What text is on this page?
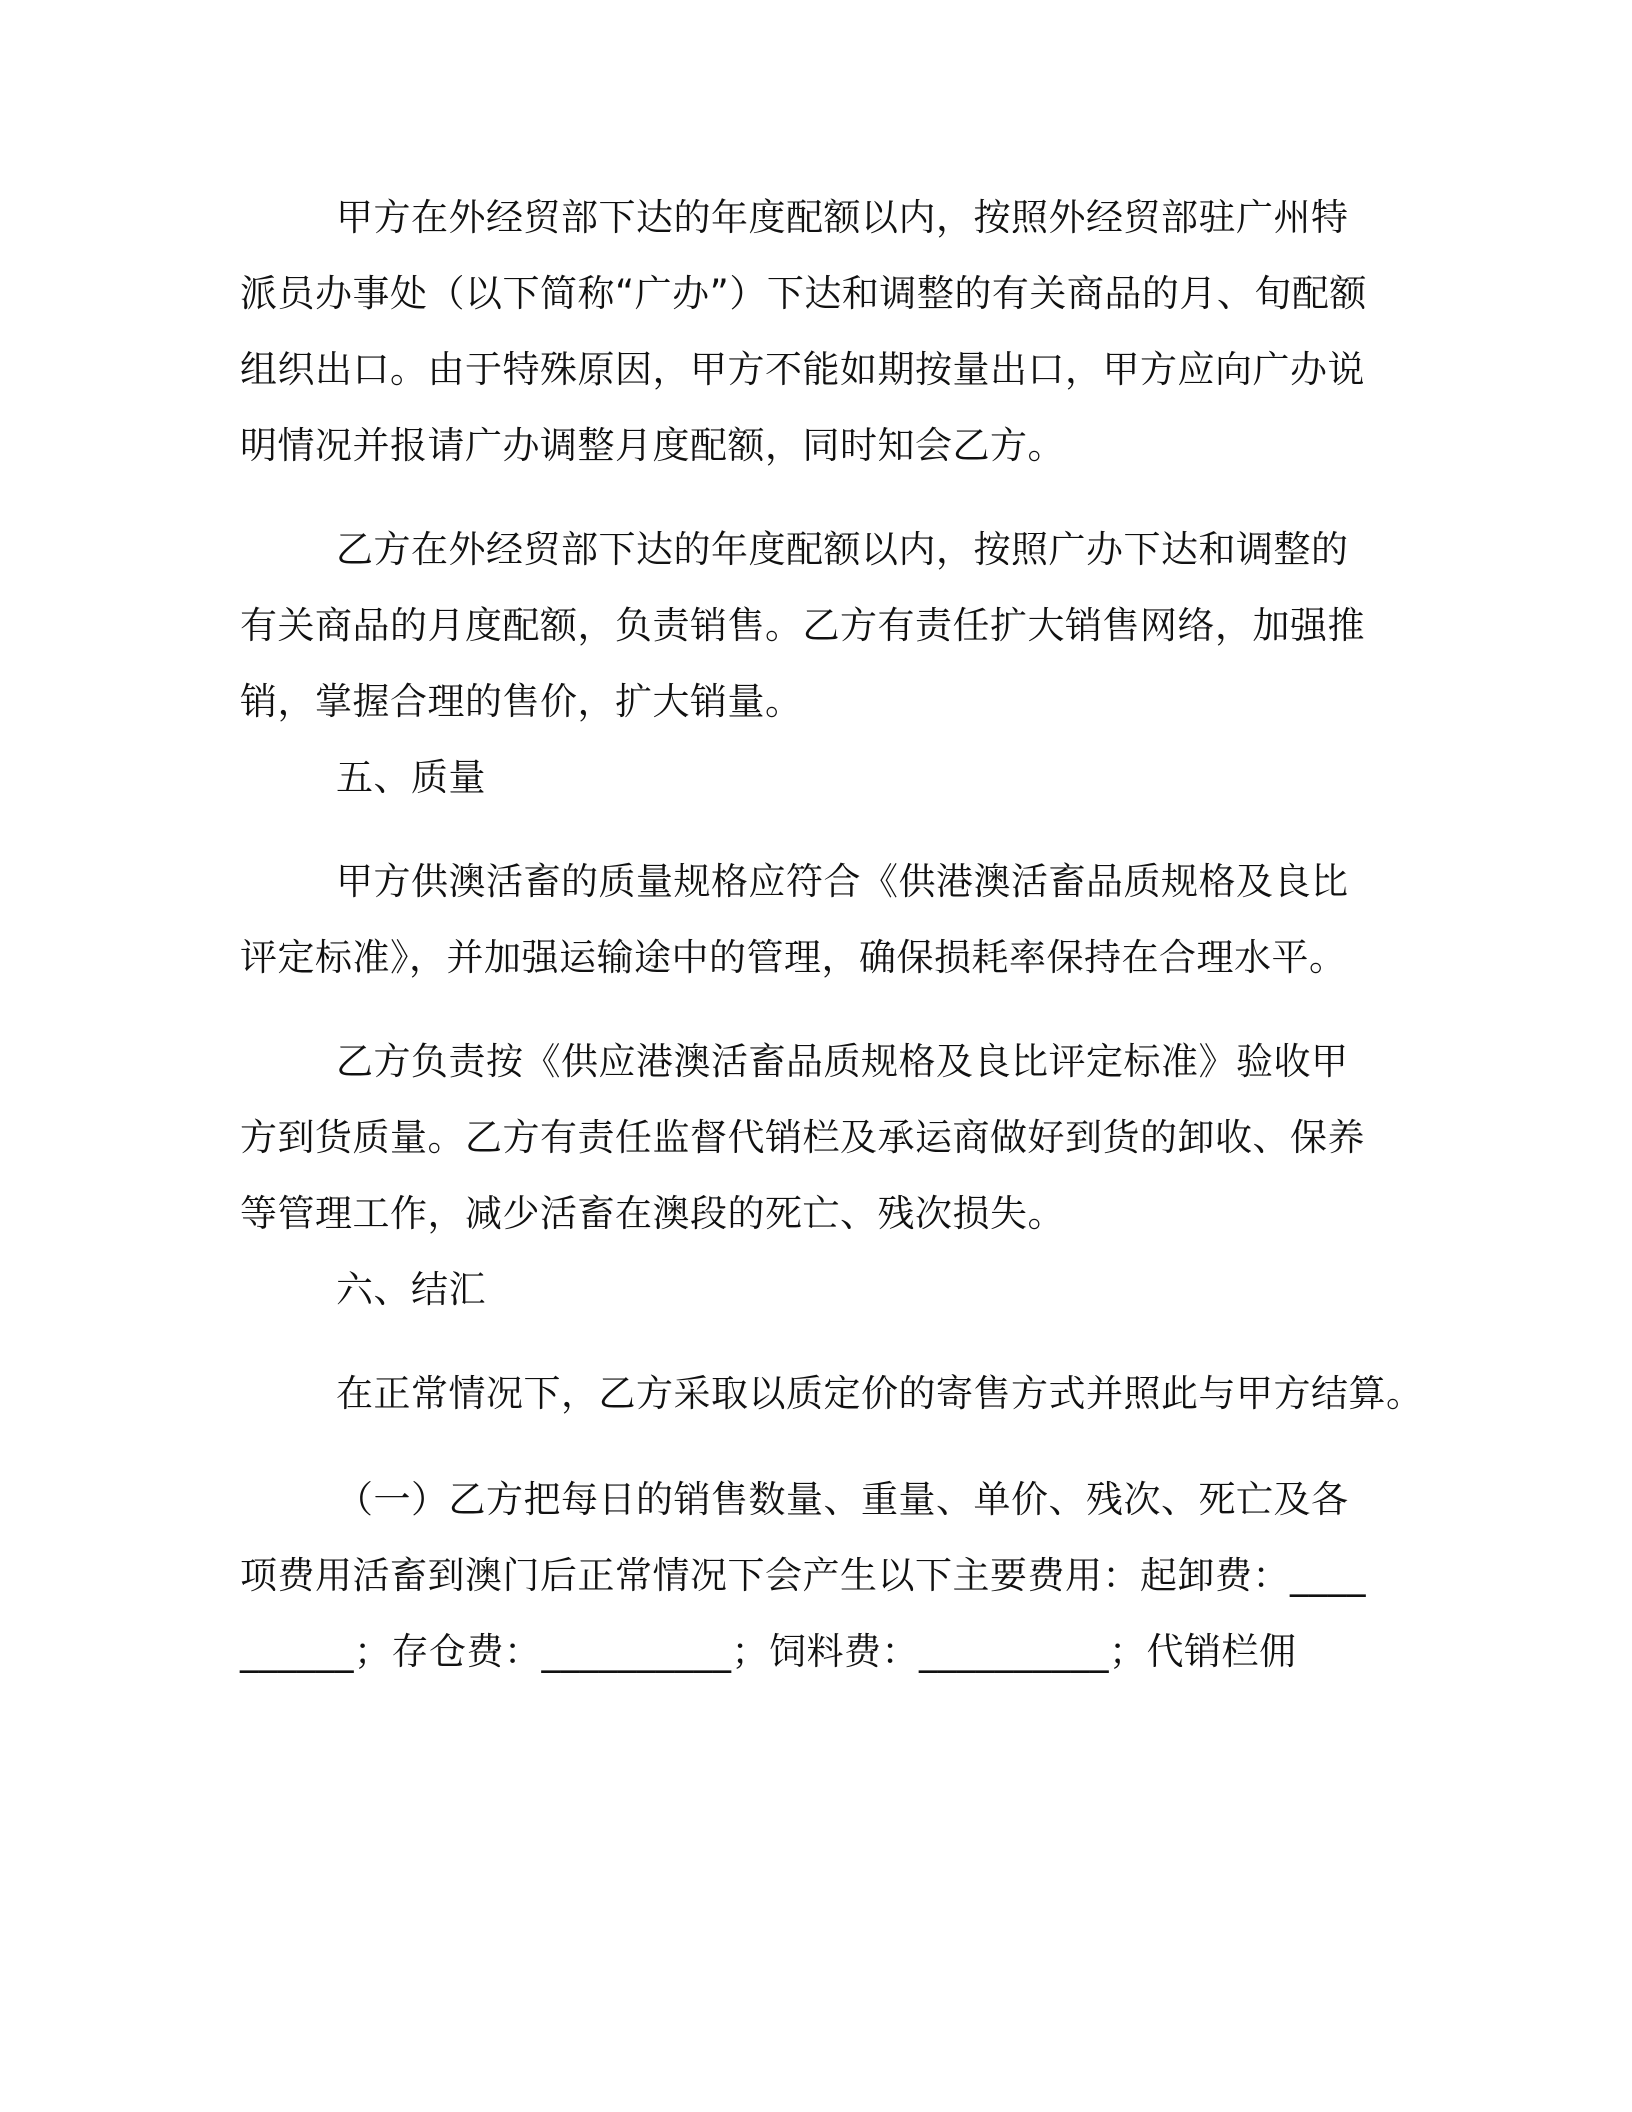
甲方在外经贸部下达的年度配额以内，按照外经贸部驻广州特派员办事处（以下简称“广办”）下达和调整的有关商品的月、旬配额组织出口。由于特殊原因，甲方不能如期按量出口，甲方应向广办说明情况并报请广办调整月度配额，同时知会乙方。

乙方在外经贸部下达的年度配额以内，按照广办下达和调整的有关商品的月度配额，负责销售。乙方有责任扩大销售网络，加强推销，掌握合理的售价，扩大销量。

五、质量

甲方供澳活畜的质量规格应符合《供港澳活畜品质规格及良比评定标准》，并加强运输途中的管理，确保损耗率保持在合理水平。

乙方负责按《供应港澳活畜品质规格及良比评定标准》验收甲方到货质量。乙方有责任监督代销栏及承运商做好到货的卸收、保养等管理工作，减少活畜在澳段的死亡、残次损失。

六、结汇

在正常情况下，乙方采取以质定价的寄售方式并照此与甲方结算。

（一）乙方把每日的销售数量、重量、单价、残次、死亡及各项费用活畜到澳门后正常情况下会产生以下主要费用：起卸费：__________；存仓费：__________；饲料费：__________；代销栏佣
